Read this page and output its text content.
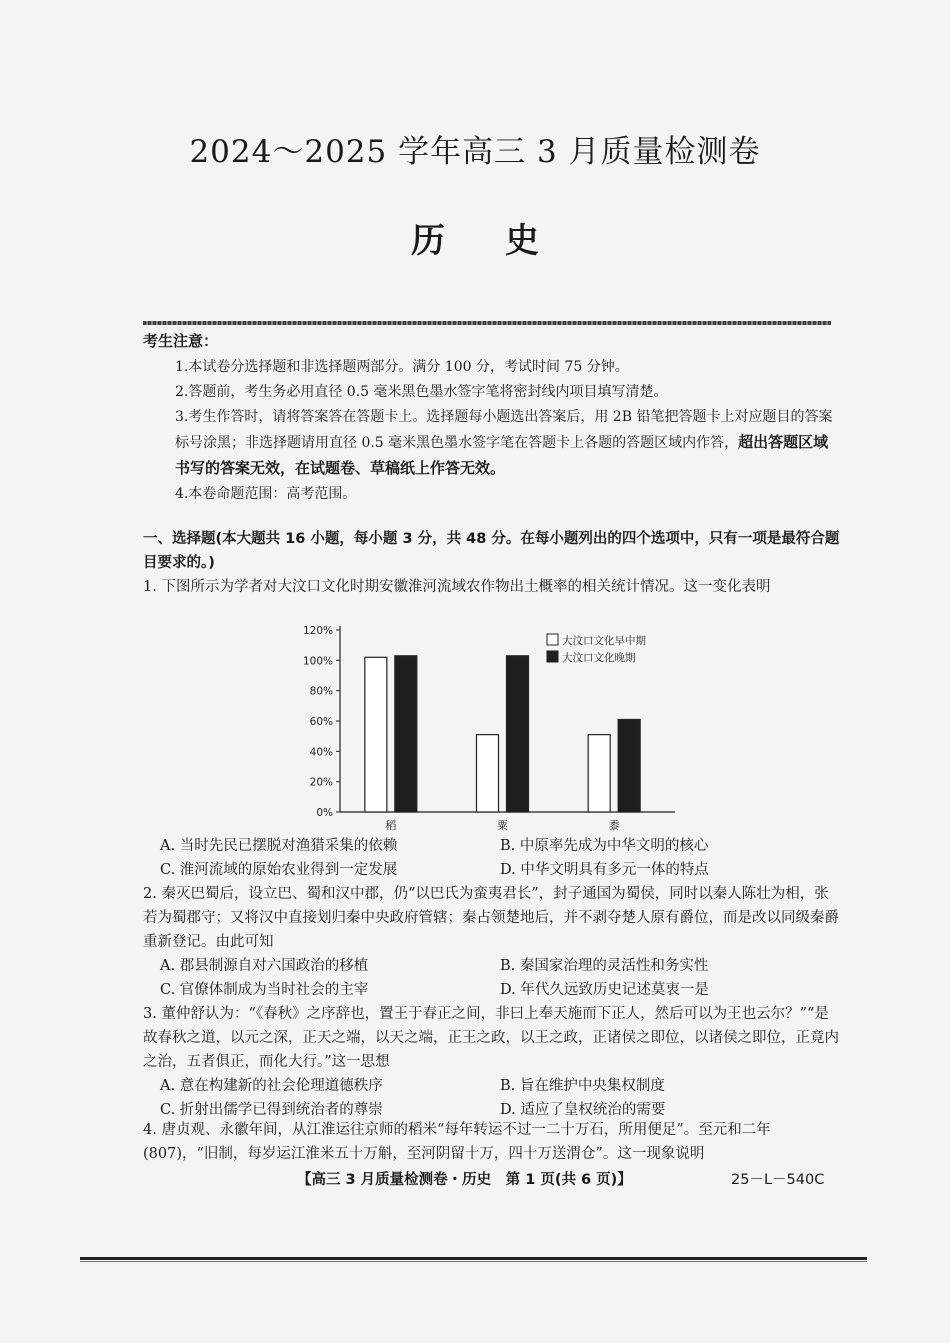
2024～2025 学年高三 3 月质量检测卷
历史
考生注意：
1.本试卷分选择题和非选择题两部分。满分 100 分，考试时间 75 分钟。
2.答题前，考生务必用直径 0.5 毫米黑色墨水签字笔将密封线内项目填写清楚。
3.考生作答时，请将答案答在答题卡上。选择题每小题选出答案后，用 2B 铅笔把答题卡上对应题目的答案标号涂黑；非选择题请用直径 0.5 毫米黑色墨水签字笔在答题卡上各题的答题区域内作答，超出答题区域书写的答案无效，在试题卷、草稿纸上作答无效。
4.本卷命题范围：高考范围。
一、选择题(本大题共 16 小题，每小题 3 分，共 48 分。在每小题列出的四个选项中，只有一项是最符合题目要求的。)
1. 下图所示为学者对大汶口文化时期安徽淮河流域农作物出土概率的相关统计情况。这一变化表明
0%
20%
40%
60%
80%
100%
120%
稻	粟	黍
大汶口文化早中期
大汶口文化晚期
A. 当时先民已摆脱对渔猎采集的依赖	B. 中原率先成为中华文明的核心
C. 淮河流域的原始农业得到一定发展	D. 中华文明具有多元一体的特点
2. 秦灭巴蜀后，设立巴、蜀和汉中郡，仍“以巴氏为蛮夷君长”，封子通国为蜀侯，同时以秦人陈壮为相，张若为蜀郡守；又将汉中直接划归秦中央政府管辖；秦占领楚地后，并不剥夺楚人原有爵位，而是改以同级秦爵重新登记。由此可知
A. 郡县制源自对六国政治的移植	B. 秦国家治理的灵活性和务实性
C. 官僚体制成为当时社会的主宰	D. 年代久远致历史记述莫衷一是
3. 董仲舒认为：“《春秋》之序辞也，置王于春正之间，非曰上奉天施而下正人，然后可以为王也云尔？”“是故春秋之道，以元之深，正天之端，以天之端，正王之政，以王之政，正诸侯之即位，以诸侯之即位，正竟内之治，五者俱正，而化大行。”这一思想
A. 意在构建新的社会伦理道德秩序	B. 旨在维护中央集权制度
C. 折射出儒学已得到统治者的尊崇	D. 适应了皇权统治的需要
4. 唐贞观、永徽年间，从江淮运往京师的稻米“每年转运不过一二十万石，所用便足”。至元和二年(807)，“旧制，每岁运江淮米五十万斛，至河阴留十万，四十万送渭仓”。这一现象说明
【高三 3 月质量检测卷・历史　第 1 页(共 6 页)】	25－L－540C
